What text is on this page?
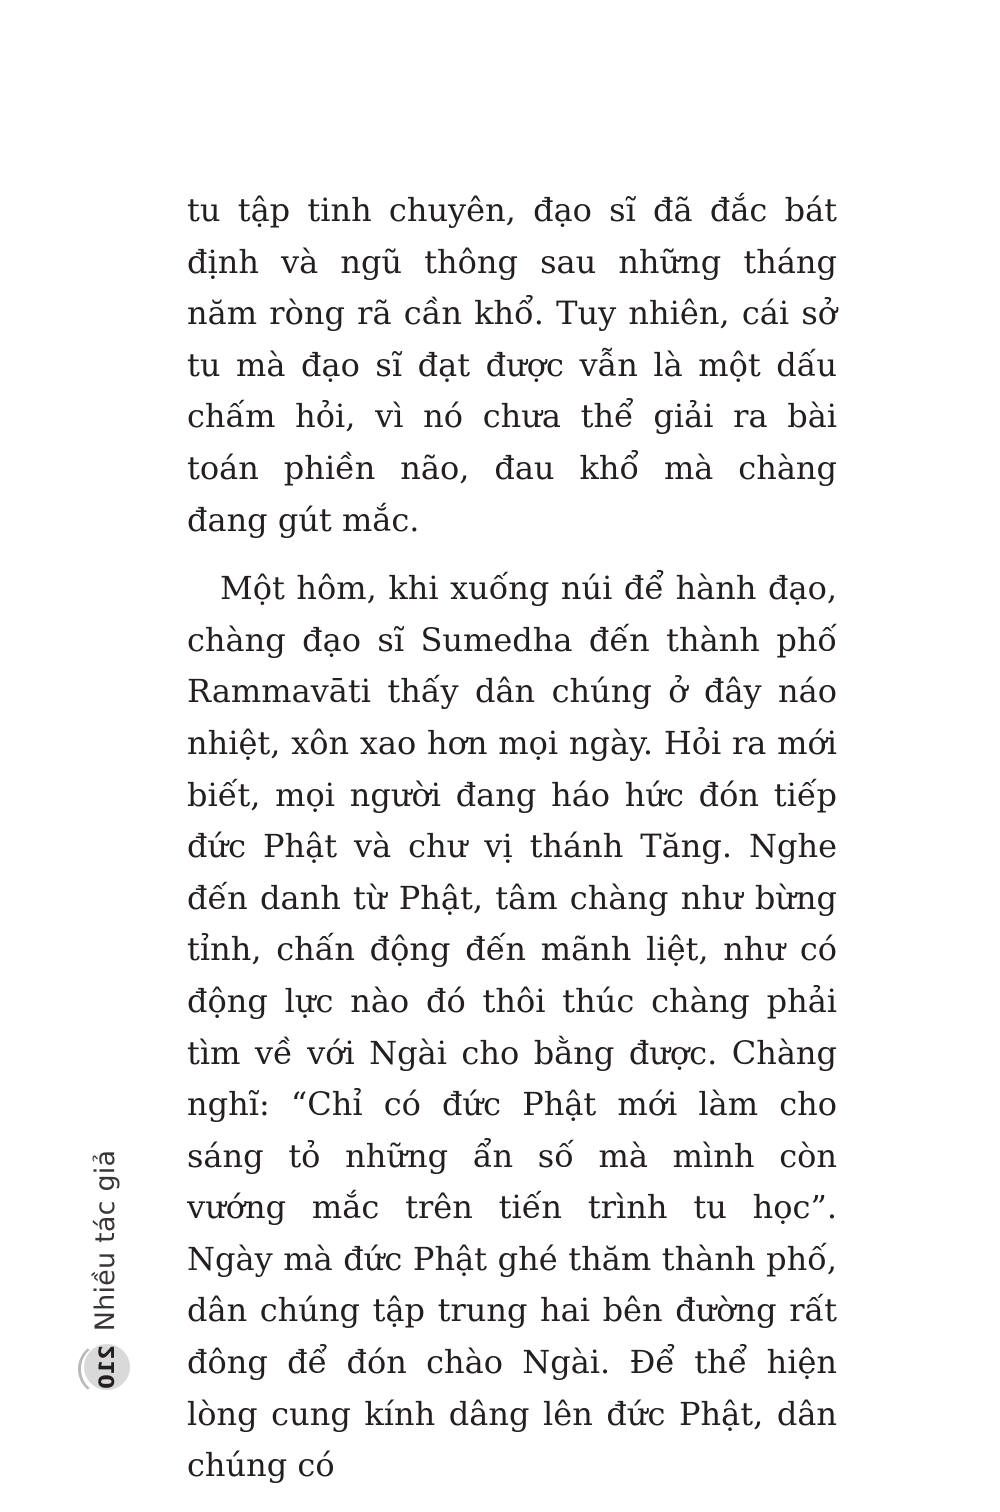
tu tập tinh chuyên, đạo sĩ đã đắc bát định và ngũ thông sau những tháng năm ròng rã cần khổ. Tuy nhiên, cái sở tu mà đạo sĩ đạt được vẫn là một dấu chấm hỏi, vì nó chưa thể giải ra bài toán phiền não, đau khổ mà chàng đang gút mắc.

Một hôm, khi xuống núi để hành đạo, chàng đạo sĩ Sumedha đến thành phố Rammavāti thấy dân chúng ở đây náo nhiệt, xôn xao hơn mọi ngày. Hỏi ra mới biết, mọi người đang háo hức đón tiếp đức Phật và chư vị thánh Tăng. Nghe đến danh từ Phật, tâm chàng như bừng tỉnh, chấn động đến mãnh liệt, như có động lực nào đó thôi thúc chàng phải tìm về với Ngài cho bằng được. Chàng nghĩ: “Chỉ có đức Phật mới làm cho sáng tỏ những ẩn số mà mình còn vướng mắc trên tiến trình tu học”. Ngày mà đức Phật ghé thăm thành phố, dân chúng tập trung hai bên đường rất đông để đón chào Ngài. Để thể hiện lòng cung kính dâng lên đức Phật, dân chúng có

Nhiều tác giả
210
